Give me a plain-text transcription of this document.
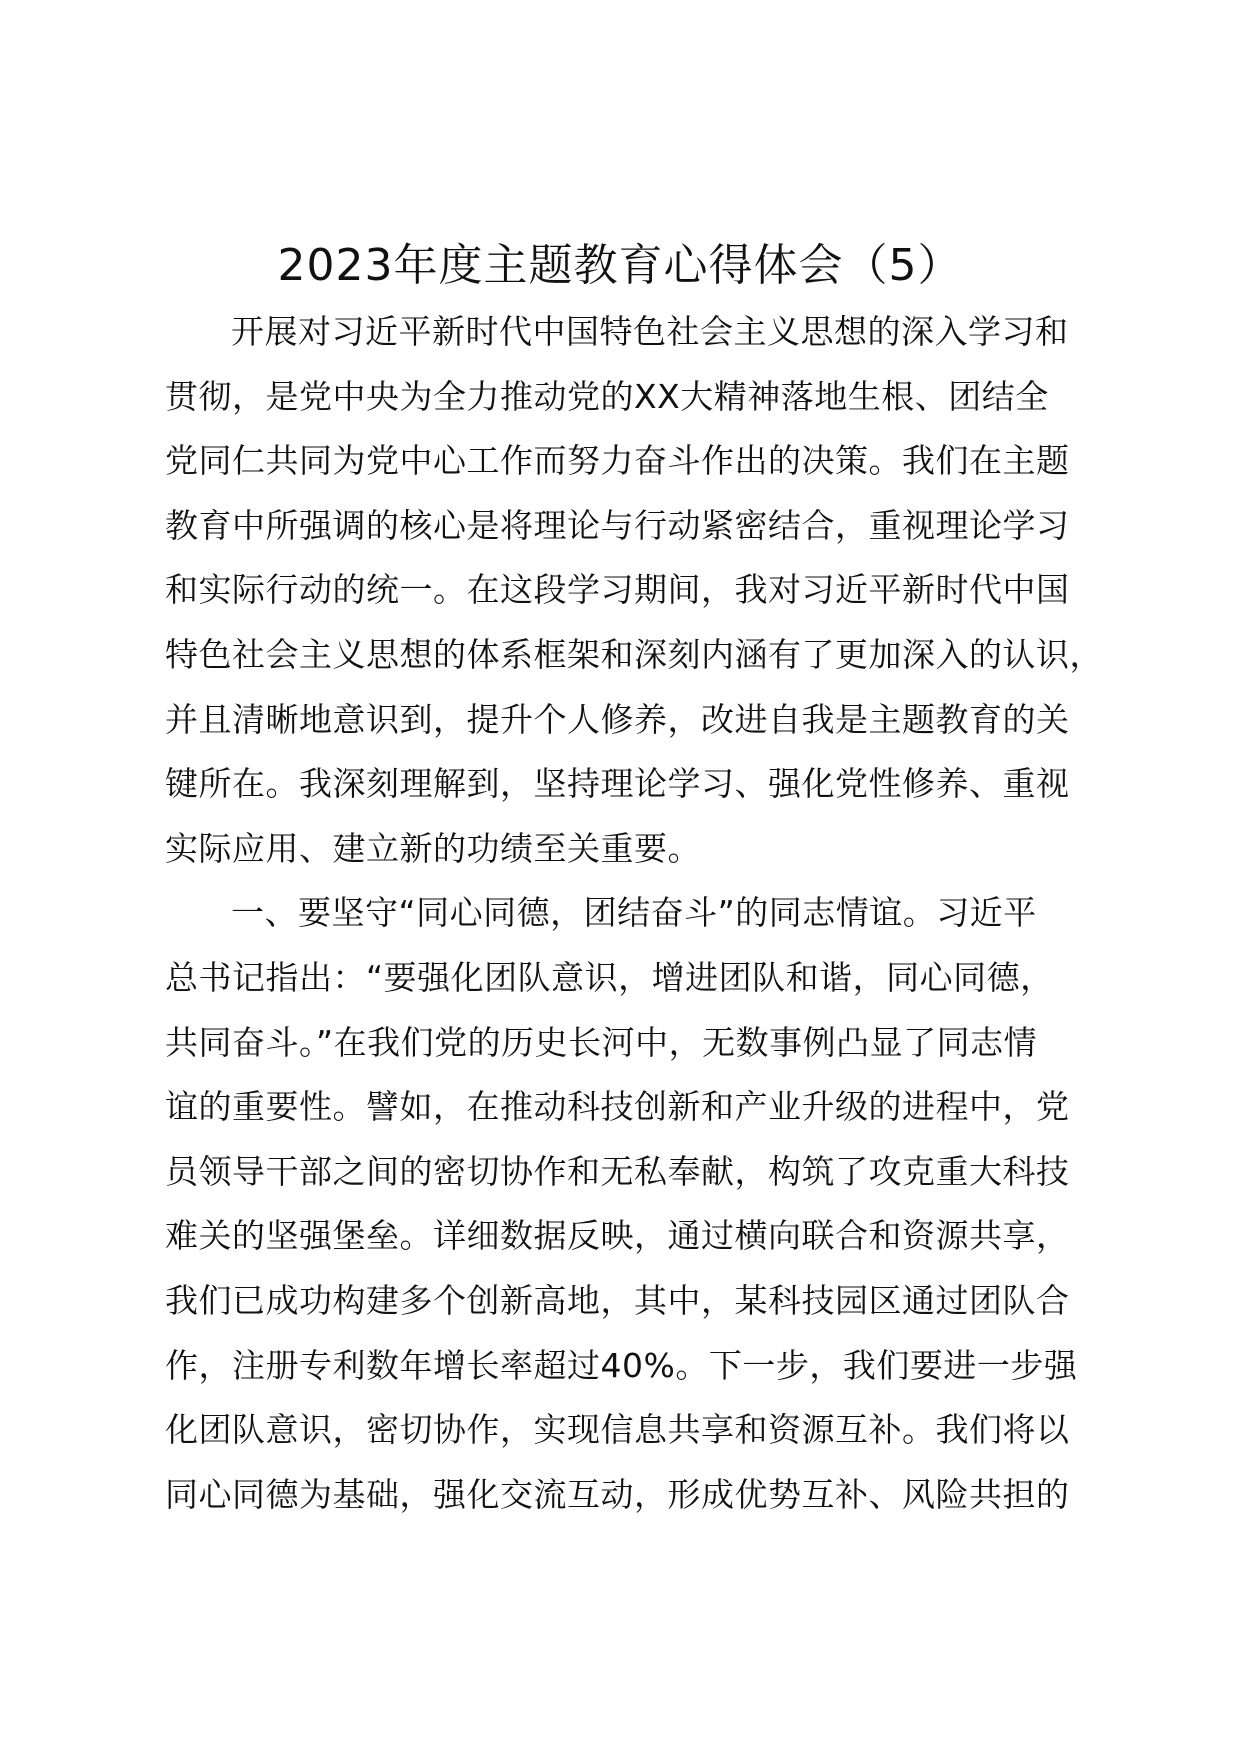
2023年度主题教育心得体会（5）
开展对习近平新时代中国特色社会主义思想的深入学习和
贯彻，是党中央为全力推动党的XX大精神落地生根、团结全
党同仁共同为党中心工作而努力奋斗作出的决策。我们在主题
教育中所强调的核心是将理论与行动紧密结合，重视理论学习
和实际行动的统一。在这段学习期间，我对习近平新时代中国
特色社会主义思想的体系框架和深刻内涵有了更加深入的认识，
并且清晰地意识到，提升个人修养，改进自我是主题教育的关
键所在。我深刻理解到，坚持理论学习、强化党性修养、重视
实际应用、建立新的功绩至关重要。
一、要坚守“同心同德，团结奋斗”的同志情谊。习近平
总书记指出：“要强化团队意识，增进团队和谐，同心同德，
共同奋斗。”在我们党的历史长河中，无数事例凸显了同志情
谊的重要性。譬如，在推动科技创新和产业升级的进程中，党
员领导干部之间的密切协作和无私奉献，构筑了攻克重大科技
难关的坚强堡垒。详细数据反映，通过横向联合和资源共享，
我们已成功构建多个创新高地，其中，某科技园区通过团队合
作，注册专利数年增长率超过40%。下一步，我们要进一步强
化团队意识，密切协作，实现信息共享和资源互补。我们将以
同心同德为基础，强化交流互动，形成优势互补、风险共担的
